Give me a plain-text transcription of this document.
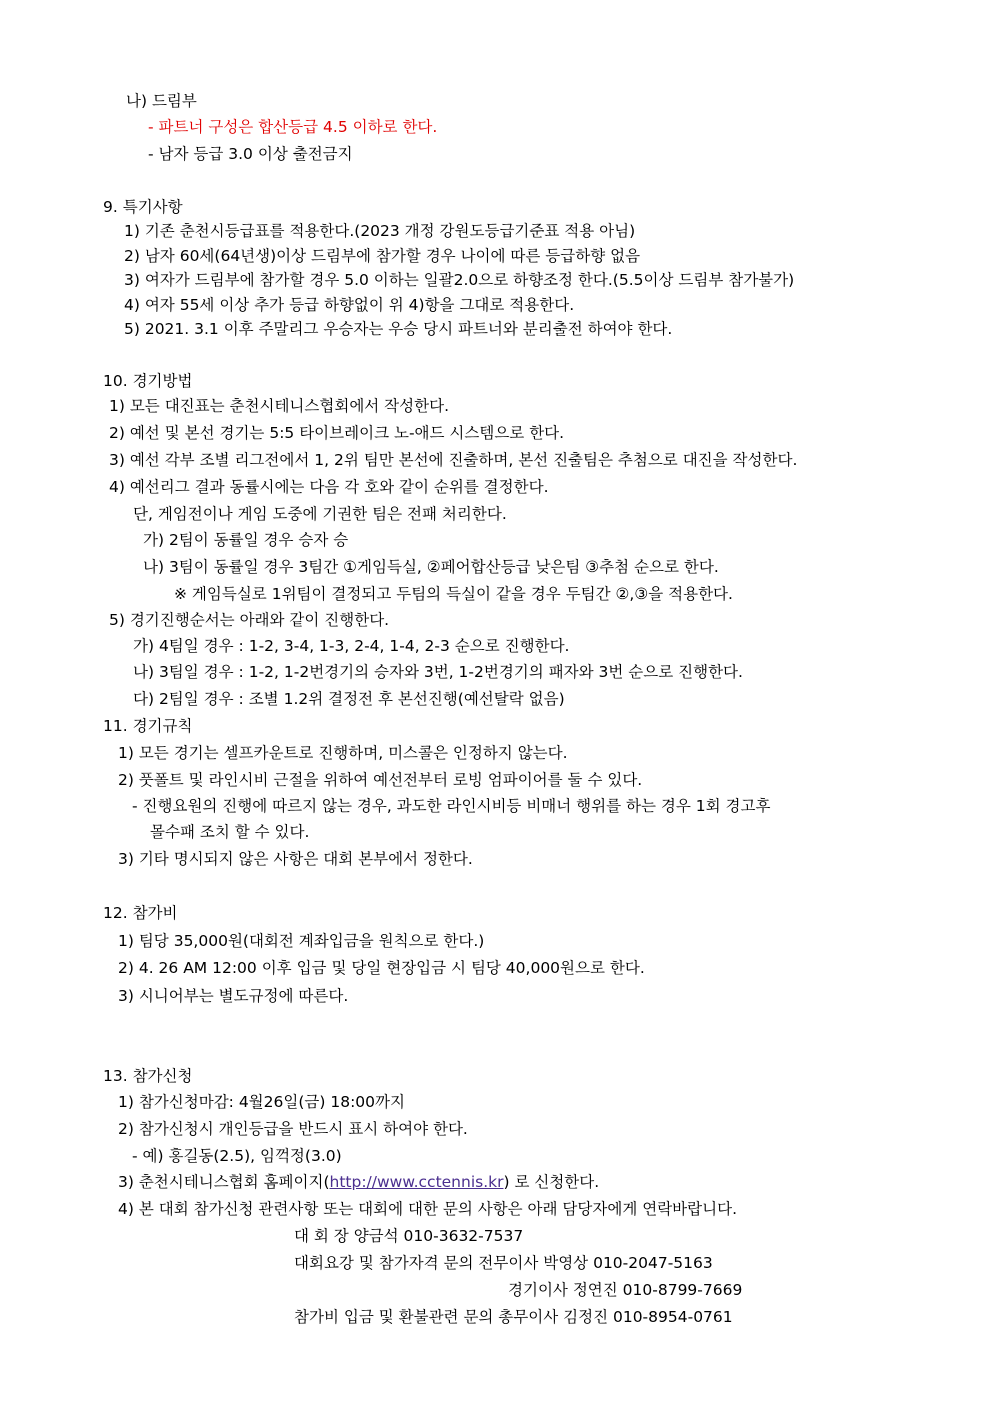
나) 드림부
- 파트너 구성은 합산등급 4.5 이하로 한다.
- 남자 등급 3.0 이상 출전금지
9. 특기사항
1) 기존 춘천시등급표를 적용한다.(2023 개정 강원도등급기준표 적용 아님)
2) 남자 60세(64년생)이상 드림부에 참가할 경우 나이에 따른 등급하향 없음
3) 여자가 드림부에 참가할 경우 5.0 이하는 일괄2.0으로 하향조정 한다.(5.5이상 드림부 참가불가)
4) 여자 55세 이상 추가 등급 하향없이 위 4)항을 그대로 적용한다.
5) 2021. 3.1 이후 주말리그 우승자는 우승 당시 파트너와 분리출전 하여야 한다.
10. 경기방법
1) 모든 대진표는 춘천시테니스협회에서 작성한다.
2) 예선 및 본선 경기는 5:5 타이브레이크 노-애드 시스템으로 한다.
3) 예선 각부 조별 리그전에서 1, 2위 팀만 본선에 진출하며, 본선 진출팀은 추첨으로 대진을 작성한다.
4) 예선리그 결과 동률시에는 다음 각 호와 같이 순위를 결정한다.
단, 게임전이나 게임 도중에 기권한 팀은 전패 처리한다.
가) 2팀이 동률일 경우 승자 승
나) 3팀이 동률일 경우 3팀간 ①게임득실, ②페어합산등급 낮은팀 ③추첨 순으로 한다.
※ 게임득실로 1위팀이 결정되고 두팀의 득실이 같을 경우 두팀간 ②,③을 적용한다.
5) 경기진행순서는 아래와 같이 진행한다.
가) 4팀일 경우 : 1-2, 3-4, 1-3, 2-4, 1-4, 2-3 순으로 진행한다.
나) 3팀일 경우 : 1-2, 1-2번경기의 승자와 3번, 1-2번경기의 패자와 3번 순으로 진행한다.
다) 2팀일 경우 : 조별 1.2위 결정전 후 본선진행(예선탈락 없음)
11. 경기규칙
1) 모든 경기는 셀프카운트로 진행하며, 미스콜은 인정하지 않는다.
2) 풋폴트 및 라인시비 근절을 위하여 예선전부터 로빙 엄파이어를 둘 수 있다.
- 진행요원의 진행에 따르지 않는 경우, 과도한 라인시비등 비매너 행위를 하는 경우 1회 경고후
몰수패 조치 할 수 있다.
3) 기타 명시되지 않은 사항은 대회 본부에서 정한다.
12. 참가비
1) 팀당 35,000원(대회전 계좌입금을 원칙으로 한다.)
2) 4. 26 AM 12:00 이후 입금 및 당일 현장입금 시 팀당 40,000원으로 한다.
3) 시니어부는 별도규정에 따른다.
13. 참가신청
1) 참가신청마감: 4월26일(금) 18:00까지
2) 참가신청시 개인등급을 반드시 표시 하여야 한다.
- 예) 홍길동(2.5), 임꺽정(3.0)
3) 춘천시테니스협회 홈페이지(http://www.cctennis.kr) 로 신청한다.
4) 본 대회 참가신청 관련사항 또는 대회에 대한 문의 사항은 아래 담당자에게 연락바랍니다.
대 회 장 양금석 010-3632-7537
대회요강 및 참가자격 문의 전무이사 박영상 010-2047-5163
경기이사 정연진 010-8799-7669
참가비 입금 및 환불관련 문의 총무이사 김정진 010-8954-0761
